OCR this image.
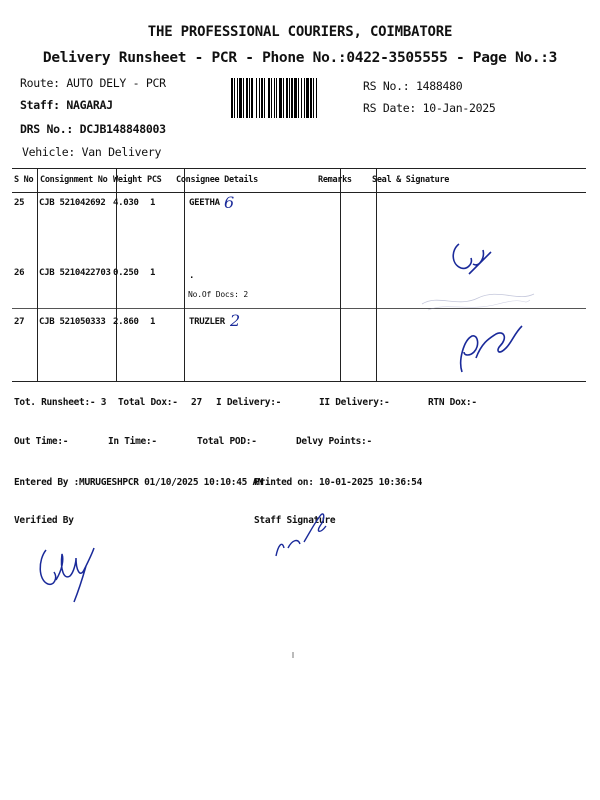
THE PROFESSIONAL COURIERS, COIMBATORE
Delivery Runsheet - PCR - Phone No.:0422-3505555 - Page No.:3
Route: AUTO DELY - PCR
Staff: NAGARAJ
DRS No.: DCJB148848003
Vehicle: Van Delivery
RS No.: 1488480
RS Date: 10-Jan-2025
S No Consignment No Weight PCS Consignee Details	Remarks Seal & Signature
25 CJB 521042692 4.030 1	GEETHA 6
26 CJB 5210422703 0.250 1	.
No.Of Docs: 2
27 CJB 521050333 2.860 1	TRUZLER 2
Tot. Runsheet:- 3 Total Dox:- 27 I Delivery:-	II Delivery:-	RTN Dox:-
Out Time:-	In Time:-	Total POD:-	Delvy Points:-
Entered By :MURUGESHPCR 01/10/2025 10:10:45 AM
Printed on: 10-01-2025 10:36:54
Verified By	Staff Signature
